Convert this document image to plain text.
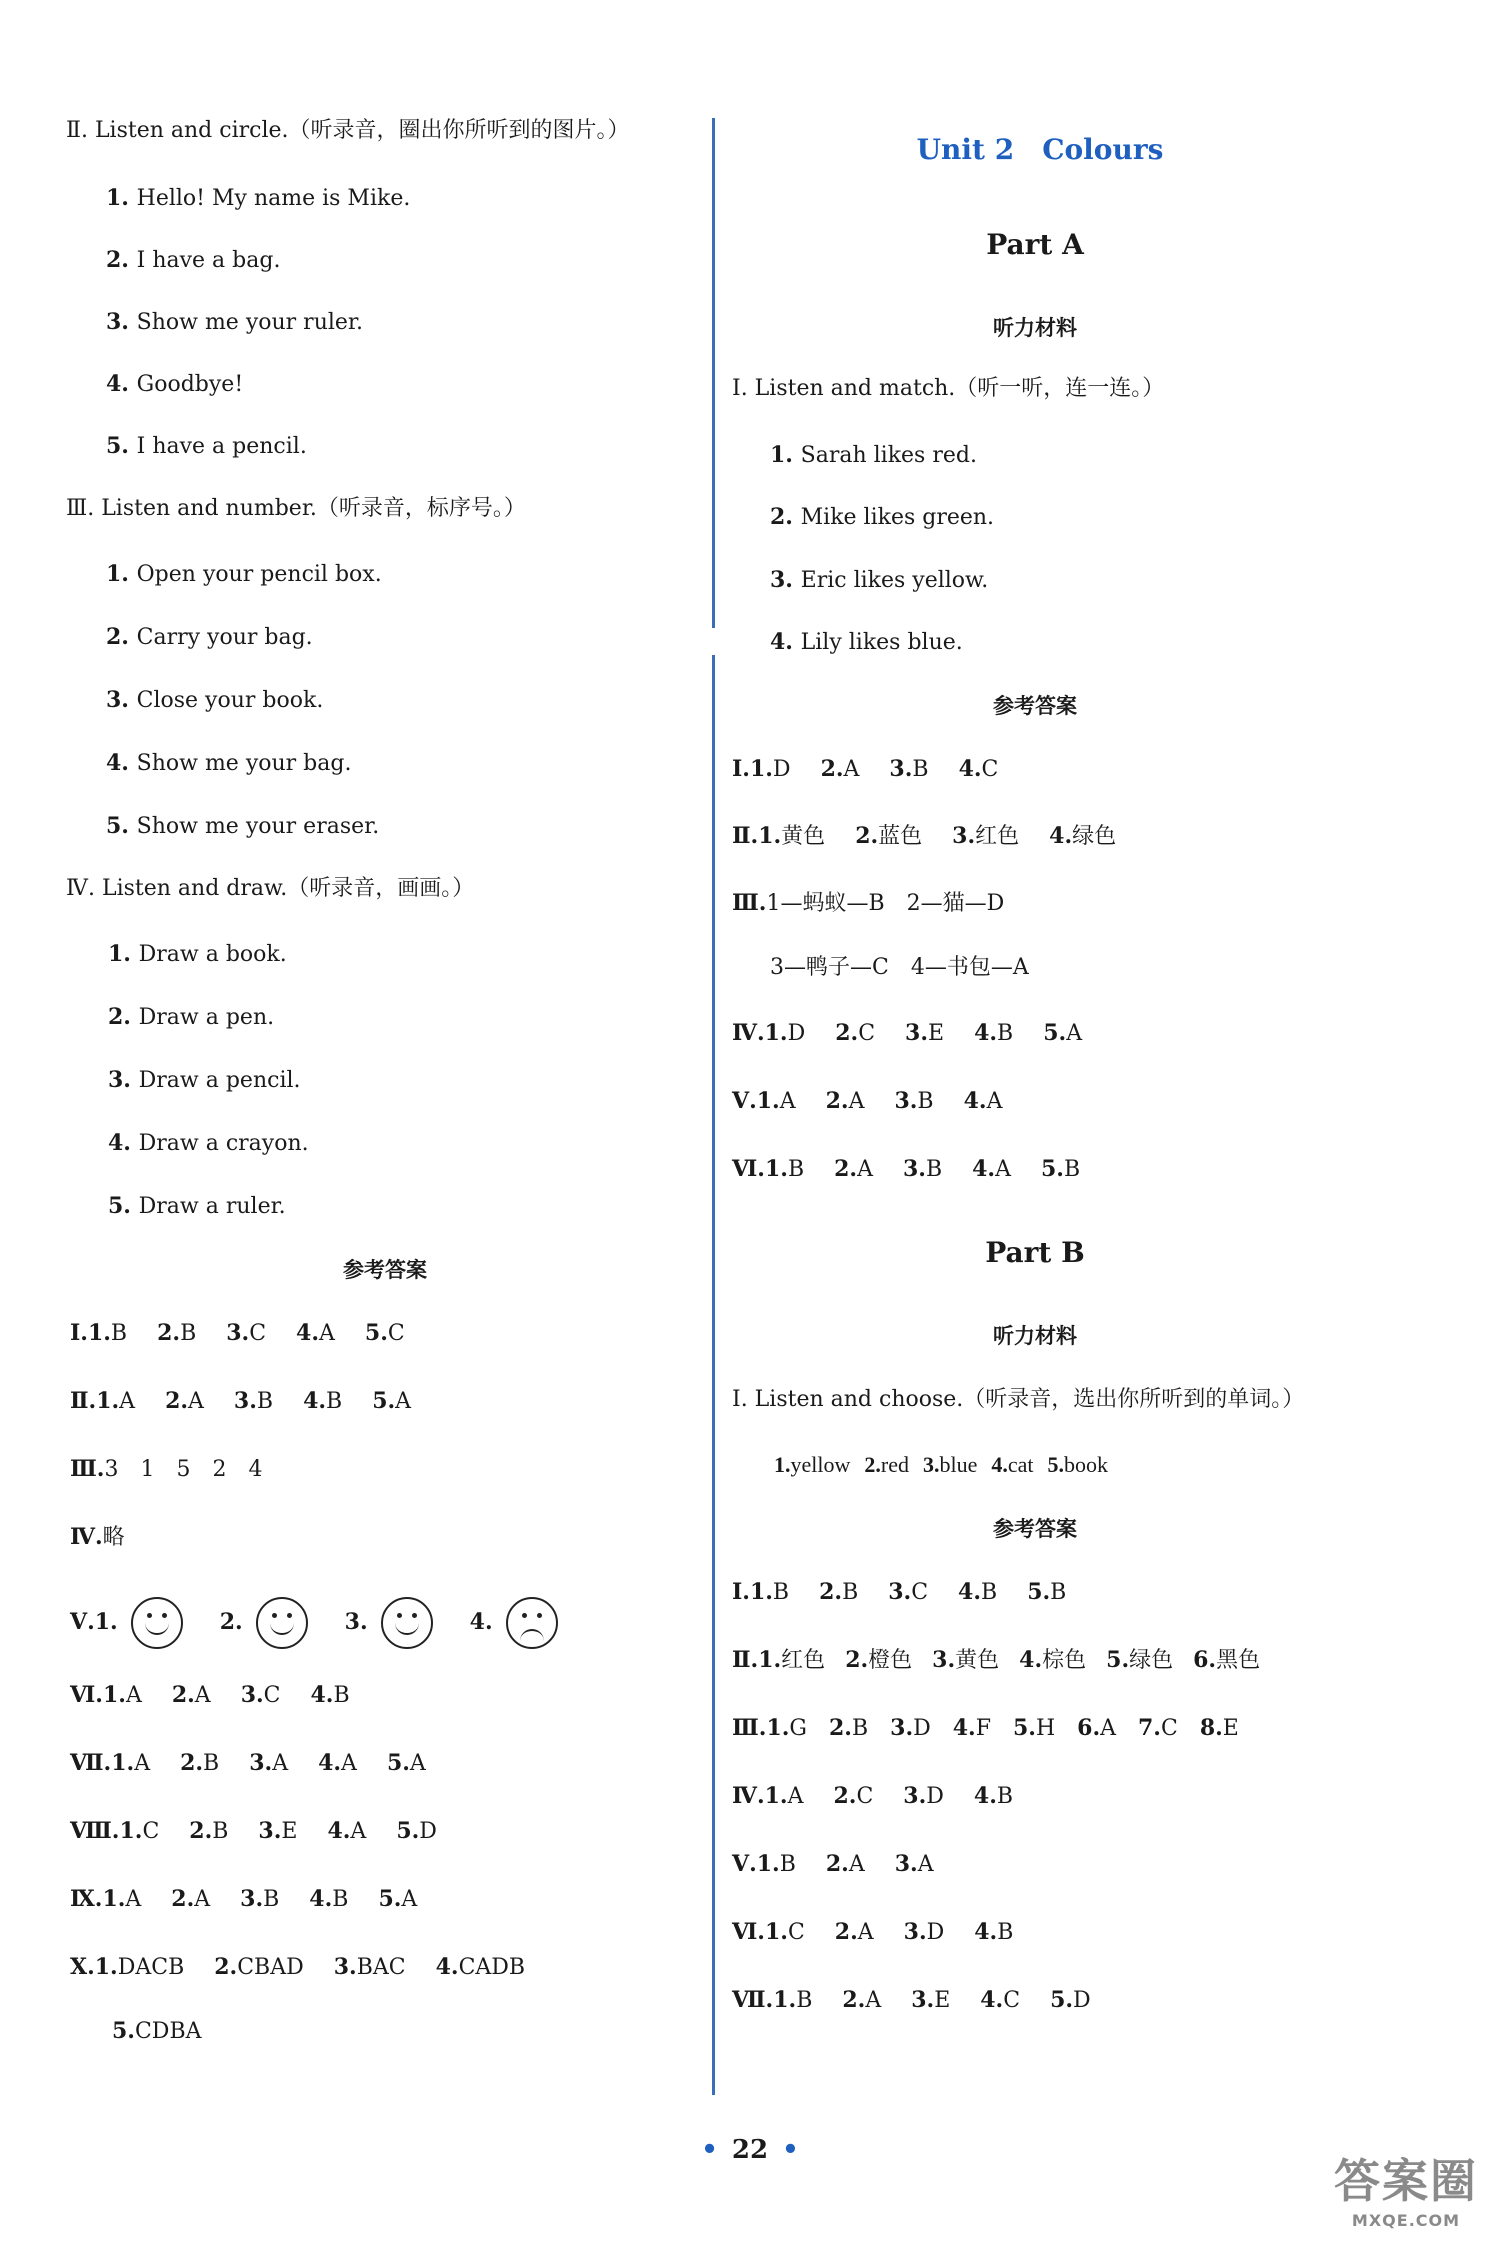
Ⅱ. Listen and circle.（听录音，圈出你所听到的图片。）
1. Hello! My name is Mike.
2. I have a bag.
3. Show me your ruler.
4. Goodbye!
5. I have a pencil.
Ⅲ. Listen and number.（听录音，标序号。）
1. Open your pencil box.
2. Carry your bag.
3. Close your book.
4. Show me your bag.
5. Show me your eraser.
Ⅳ. Listen and draw.（听录音，画画。）
1. Draw a book.
2. Draw a pen.
3. Draw a pencil.
4. Draw a crayon.
5. Draw a ruler.
参考答案
Ⅰ.1.B 2.B 3.C 4.A 5.C
Ⅱ.1.A 2.A 3.B 4.B 5.A
Ⅲ.3　1　5　2　4
Ⅳ.略
Ⅴ.1.	2.	3.	4.
Ⅵ.1.A 2.A 3.C 4.B
Ⅶ.1.A 2.B 3.A 4.A 5.A
Ⅷ.1.C 2.B 3.E 4.A 5.D
Ⅸ.1.A 2.A 3.B 4.B 5.A
Ⅹ.1.DACB 2.CBAD 3.BAC 4.CADB
5.CDBA
Unit 2　Colours
Part A
听力材料
Ⅰ. Listen and match.（听一听，连一连。）
1. Sarah likes red.
2. Mike likes green.
3. Eric likes yellow.
4. Lily likes blue.
参考答案
Ⅰ.1.D 2.A 3.B 4.C
Ⅱ.1.黄色 2.蓝色 3.红色 4.绿色
Ⅲ.1—蚂蚁—B　2—猫—D
3—鸭子—C　4—书包—A
Ⅳ.1.D 2.C 3.E 4.B 5.A
Ⅴ.1.A 2.A 3.B 4.A
Ⅵ.1.B 2.A 3.B 4.A 5.B
Part B
听力材料
Ⅰ. Listen and choose.（听录音，选出你所听到的单词。）
1.yellow 2.red 3.blue 4.cat 5.book
参考答案
Ⅰ.1.B 2.B 3.C 4.B 5.B
Ⅱ.1.红色 2.橙色 3.黄色 4.棕色 5.绿色 6.黑色
Ⅲ.1.G 2.B 3.D 4.F 5.H 6.A 7.C 8.E
Ⅳ.1.A 2.C 3.D 4.B
Ⅴ.1.B 2.A 3.A
Ⅵ.1.C 2.A 3.D 4.B
Ⅶ.1.B 2.A 3.E 4.C 5.D
• 22 •
答案圈
MXQE.COM
